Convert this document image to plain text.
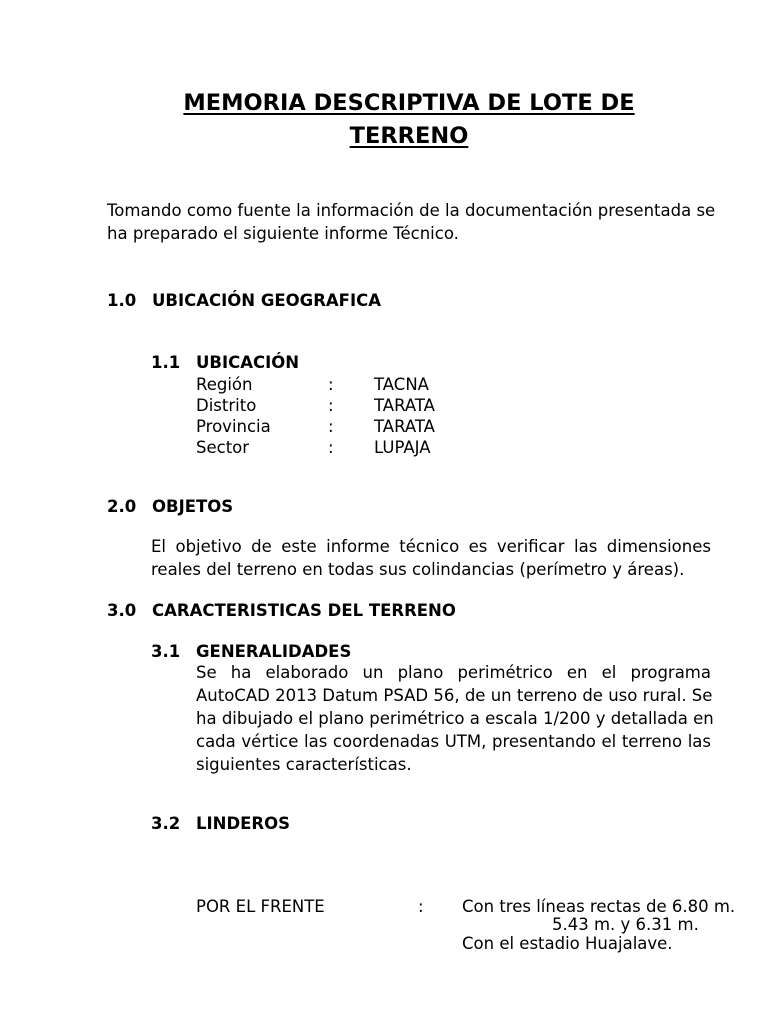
MEMORIA DESCRIPTIVA DE LOTE DE
TERRENO
Tomando como fuente la información de la documentación presentada se
ha preparado el siguiente informe Técnico.
1.0 UBICACIÓN GEOGRAFICA
1.1 UBICACIÓN
Región	: TACNA
Distrito	: TARATA
Provincia	: TARATA
Sector	: LUPAJA
2.0 OBJETOS
El objetivo de este informe técnico es verificar las dimensiones
reales del terreno en todas sus colindancias (perímetro y áreas).
3.0 CARACTERISTICAS DEL TERRENO
3.1 GENERALIDADES
Se ha elaborado un plano perimétrico en el programa
AutoCAD 2013 Datum PSAD 56, de un terreno de uso rural. Se
ha dibujado el plano perimétrico a escala 1/200 y detallada en
cada vértice las coordenadas UTM, presentando el terreno las
siguientes características.
3.2 LINDEROS
POR EL FRENTE	: Con tres líneas rectas de 6.80 m.
5.43 m. y 6.31 m.
Con el estadio Huajalave.
